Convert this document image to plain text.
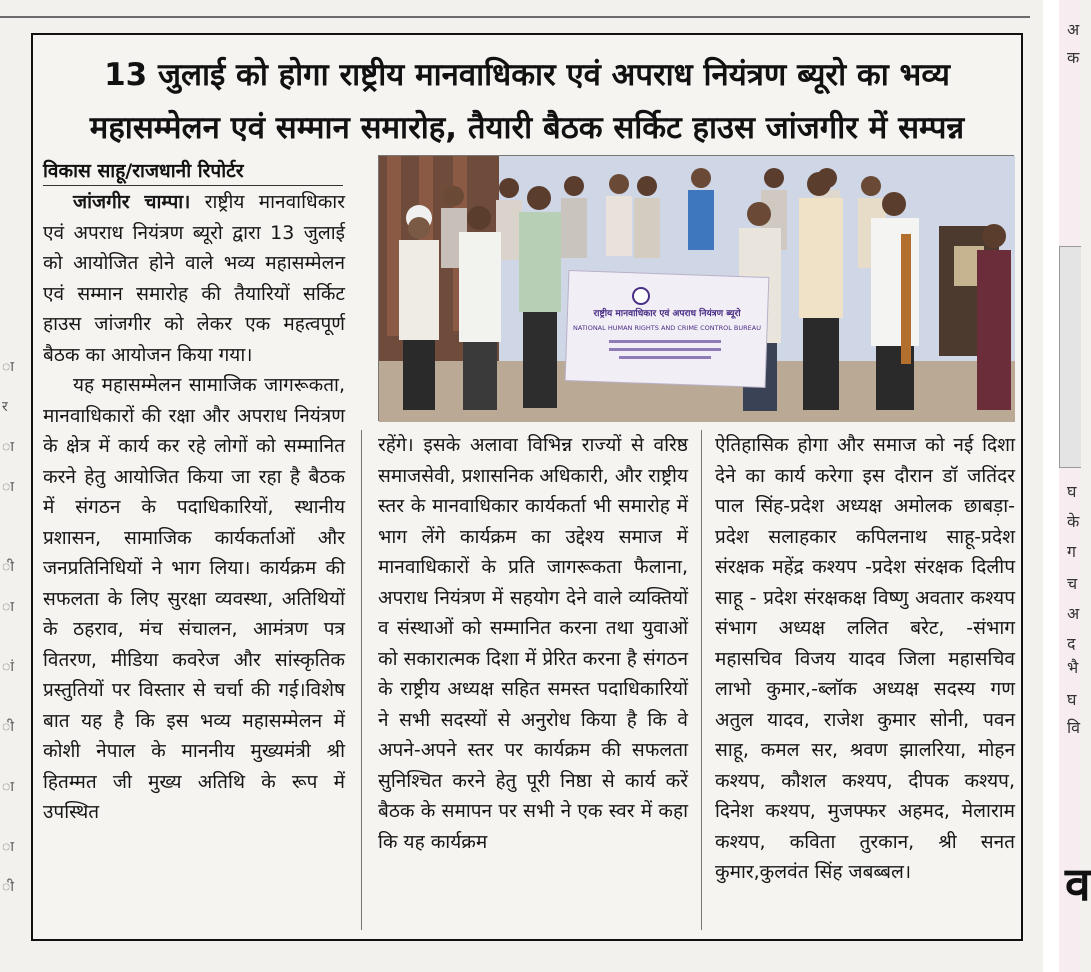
ा
र
ा
ा
ी
ा
ां
ी
ा
ा
ी
अ
क
घ
के
ग
च
अ
द
भै
घ
वि
व
13 जुलाई को होगा राष्ट्रीय मानवाधिकार एवं अपराध नियंत्रण ब्यूरो का भव्य
महासम्मेलन एवं सम्मान समारोह, तैयारी बैठक सर्किट हाउस जांजगीर में सम्पन्न
विकास साहू/राजधानी रिपोर्टर

जांजगीर चाम्पा। राष्ट्रीय मानवाधिकार एवं अपराध नियंत्रण ब्यूरो द्वारा 13 जुलाई को आयोजित होने वाले भव्य महासम्मेलन एवं सम्मान समारोह की तैयारियों सर्किट हाउस जांजगीर को लेकर एक महत्वपूर्ण बैठक का आयोजन किया गया।

यह महासम्मेलन सामाजिक जागरूकता, मानवाधिकारों की रक्षा और अपराध नियंत्रण के क्षेत्र में कार्य कर रहे लोगों को सम्मानित करने हेतु आयोजित किया जा रहा है बैठक में संगठन के पदाधिकारियों, स्थानीय प्रशासन, सामाजिक कार्यकर्ताओं और जनप्रतिनिधियों ने भाग लिया। कार्यक्रम की सफलता के लिए सुरक्षा व्यवस्था, अतिथियों के ठहराव, मंच संचालन, आमंत्रण पत्र वितरण, मीडिया कवरेज और सांस्कृतिक प्रस्तुतियों पर विस्तार से चर्चा की गई।विशेष बात यह है कि इस भव्य महासम्मेलन में कोशी नेपाल के माननीय मुख्यमंत्री श्री हितम्मत जी मुख्य अतिथि के रूप में उपस्थित

राष्ट्रीय मानवाधिकार एवं अपराध नियंत्रण ब्यूरो
NATIONAL HUMAN RIGHTS AND CRIME CONTROL BUREAU

रहेंगे। इसके अलावा विभिन्न राज्यों से वरिष्ठ समाजसेवी, प्रशासनिक अधिकारी, और राष्ट्रीय स्तर के मानवाधिकार कार्यकर्ता भी समारोह में भाग लेंगे कार्यक्रम का उद्देश्य समाज में मानवाधिकारों के प्रति जागरूकता फैलाना, अपराध नियंत्रण में सहयोग देने वाले व्यक्तियों व संस्थाओं को सम्मानित करना तथा युवाओं को सकारात्मक दिशा में प्रेरित करना है संगठन के राष्ट्रीय अध्यक्ष सहित समस्त पदाधिकारियों ने सभी सदस्यों से अनुरोध किया है कि वे अपने-अपने स्तर पर कार्यक्रम की सफलता सुनिश्चित करने हेतु पूरी निष्ठा से कार्य करें बैठक के समापन पर सभी ने एक स्वर में कहा कि यह कार्यक्रम

ऐतिहासिक होगा और समाज को नई दिशा देने का कार्य करेगा इस दौरान डॉ जतिंदर पाल सिंह-प्रदेश अध्यक्ष अमोलक छाबड़ा-प्रदेश सलाहकार कपिलनाथ साहू-प्रदेश संरक्षक महेंद्र कश्यप -प्रदेश संरक्षक दिलीप साहू - प्रदेश संरक्षकक्ष विष्णु अवतार कश्यप संभाग अध्यक्ष ललित बरेट, -संभाग महासचिव विजय यादव जिला महासचिव लाभो कुमार,-ब्लॉक अध्यक्ष सदस्य गण अतुल यादव, राजेश कुमार सोनी, पवन साहू, कमल सर, श्रवण झालरिया, मोहन कश्यप, कौशल कश्यप, दीपक कश्यप, दिनेश कश्यप, मुजफ्फर अहमद, मेलाराम कश्यप, कविता तुरकान, श्री सनत कुमार,कुलवंत सिंह जबब्बल।
